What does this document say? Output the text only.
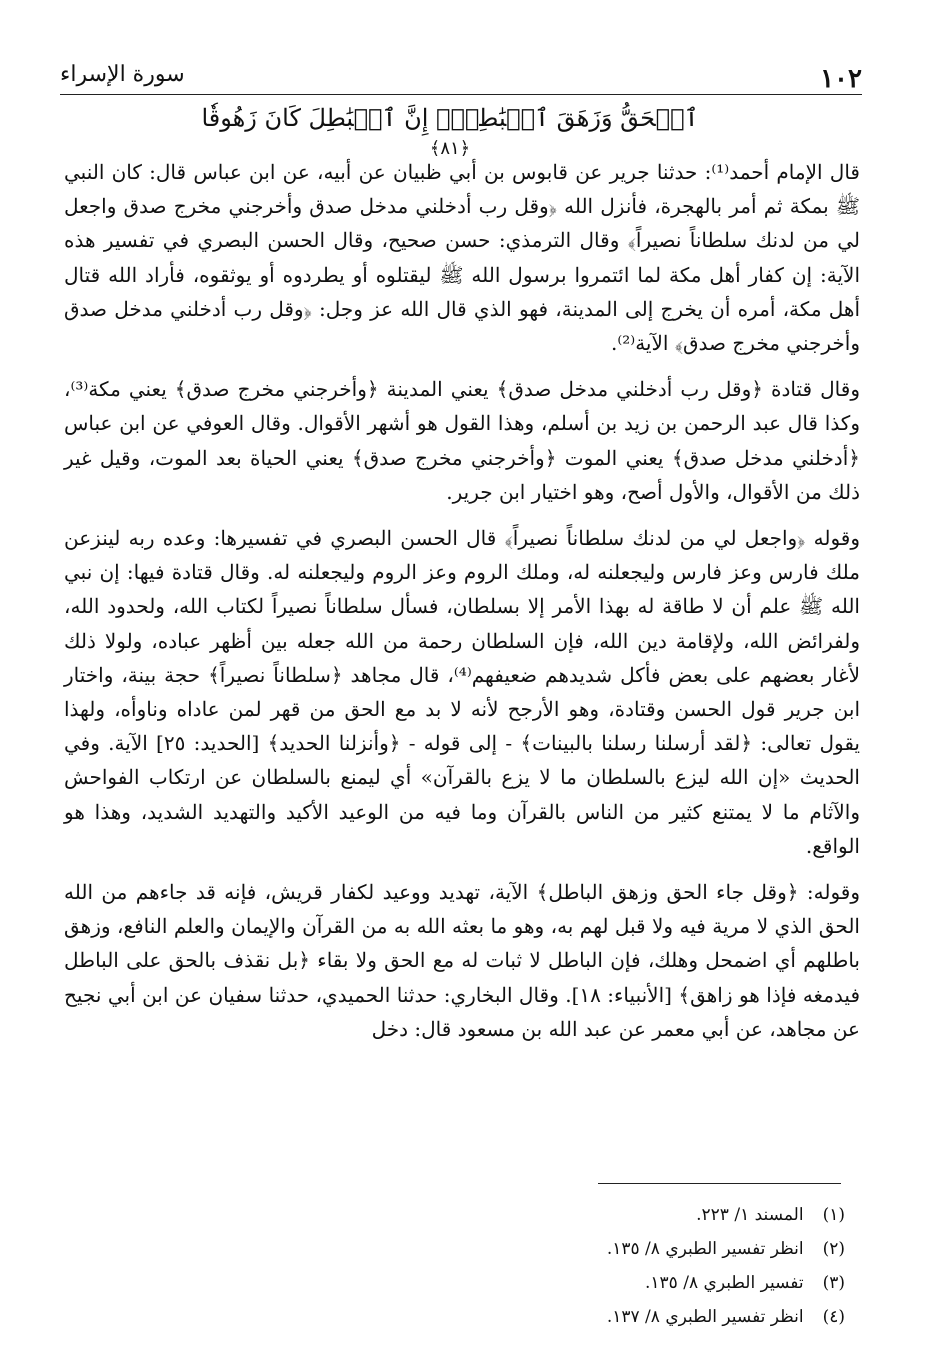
١٠٢
سورة الإسراء
ٱلۡحَقُّ وَزَهَقَ ٱلۡبَٰطِلُۚ إِنَّ ٱلۡبَٰطِلَ كَانَ زَهُوقٗا ﴿٨١﴾

قال الإمام أحمد⁽¹⁾: حدثنا جرير عن قابوس بن أبي ظبيان عن أبيه، عن ابن عباس قال: كان النبي ﷺ بمكة ثم أمر بالهجرة، فأنزل الله ﴿وقل رب أدخلني مدخل صدق وأخرجني مخرج صدق واجعل لي من لدنك سلطاناً نصيراً﴾ وقال الترمذي: حسن صحيح، وقال الحسن البصري في تفسير هذه الآية: إن كفار أهل مكة لما ائتمروا برسول الله ﷺ ليقتلوه أو يطردوه أو يوثقوه، فأراد الله قتال أهل مكة، أمره أن يخرج إلى المدينة، فهو الذي قال الله عز وجل: ﴿وقل رب أدخلني مدخل صدق وأخرجني مخرج صدق﴾ الآية⁽²⁾.

وقال قتادة ﴿وقل رب أدخلني مدخل صدق﴾ يعني المدينة ﴿وأخرجني مخرج صدق﴾ يعني مكة⁽³⁾، وكذا قال عبد الرحمن بن زيد بن أسلم، وهذا القول هو أشهر الأقوال. وقال العوفي عن ابن عباس ﴿أدخلني مدخل صدق﴾ يعني الموت ﴿وأخرجني مخرج صدق﴾ يعني الحياة بعد الموت، وقيل غير ذلك من الأقوال، والأول أصح، وهو اختيار ابن جرير.

وقوله ﴿واجعل لي من لدنك سلطاناً نصيراً﴾ قال الحسن البصري في تفسيرها: وعده ربه لينزعن ملك فارس وعز فارس وليجعلنه له، وملك الروم وعز الروم وليجعلنه له. وقال قتادة فيها: إن نبي الله ﷺ علم أن لا طاقة له بهذا الأمر إلا بسلطان، فسأل سلطاناً نصيراً لكتاب الله، ولحدود الله، ولفرائض الله، ولإقامة دين الله، فإن السلطان رحمة من الله جعله بين أظهر عباده، ولولا ذلك لأغار بعضهم على بعض فأكل شديدهم ضعيفهم⁽⁴⁾، قال مجاهد ﴿سلطاناً نصيراً﴾ حجة بينة، واختار ابن جرير قول الحسن وقتادة، وهو الأرجح لأنه لا بد مع الحق من قهر لمن عاداه وناوأه، ولهذا يقول تعالى: ﴿لقد أرسلنا رسلنا بالبينات﴾ - إلى قوله - ﴿وأنزلنا الحديد﴾ [الحديد: ٢٥] الآية. وفي الحديث «إن الله ليزع بالسلطان ما لا يزع بالقرآن» أي ليمنع بالسلطان عن ارتكاب الفواحش والآثام ما لا يمتنع كثير من الناس بالقرآن وما فيه من الوعيد الأكيد والتهديد الشديد، وهذا هو الواقع.

وقوله: ﴿وقل جاء الحق وزهق الباطل﴾ الآية، تهديد ووعيد لكفار قريش، فإنه قد جاءهم من الله الحق الذي لا مرية فيه ولا قبل لهم به، وهو ما بعثه الله به من القرآن والإيمان والعلم النافع، وزهق باطلهم أي اضمحل وهلك، فإن الباطل لا ثبات له مع الحق ولا بقاء ﴿بل نقذف بالحق على الباطل فيدمغه فإذا هو زاهق﴾ [الأنبياء: ١٨]. وقال البخاري: حدثنا الحميدي، حدثنا سفيان عن ابن أبي نجيح عن مجاهد، عن أبي معمر عن عبد الله بن مسعود قال: دخل

(١) المسند ١/ ٢٢٣.
(٢) انظر تفسير الطبري ٨/ ١٣٥.
(٣) تفسير الطبري ٨/ ١٣٥.
(٤) انظر تفسير الطبري ٨/ ١٣٧.
